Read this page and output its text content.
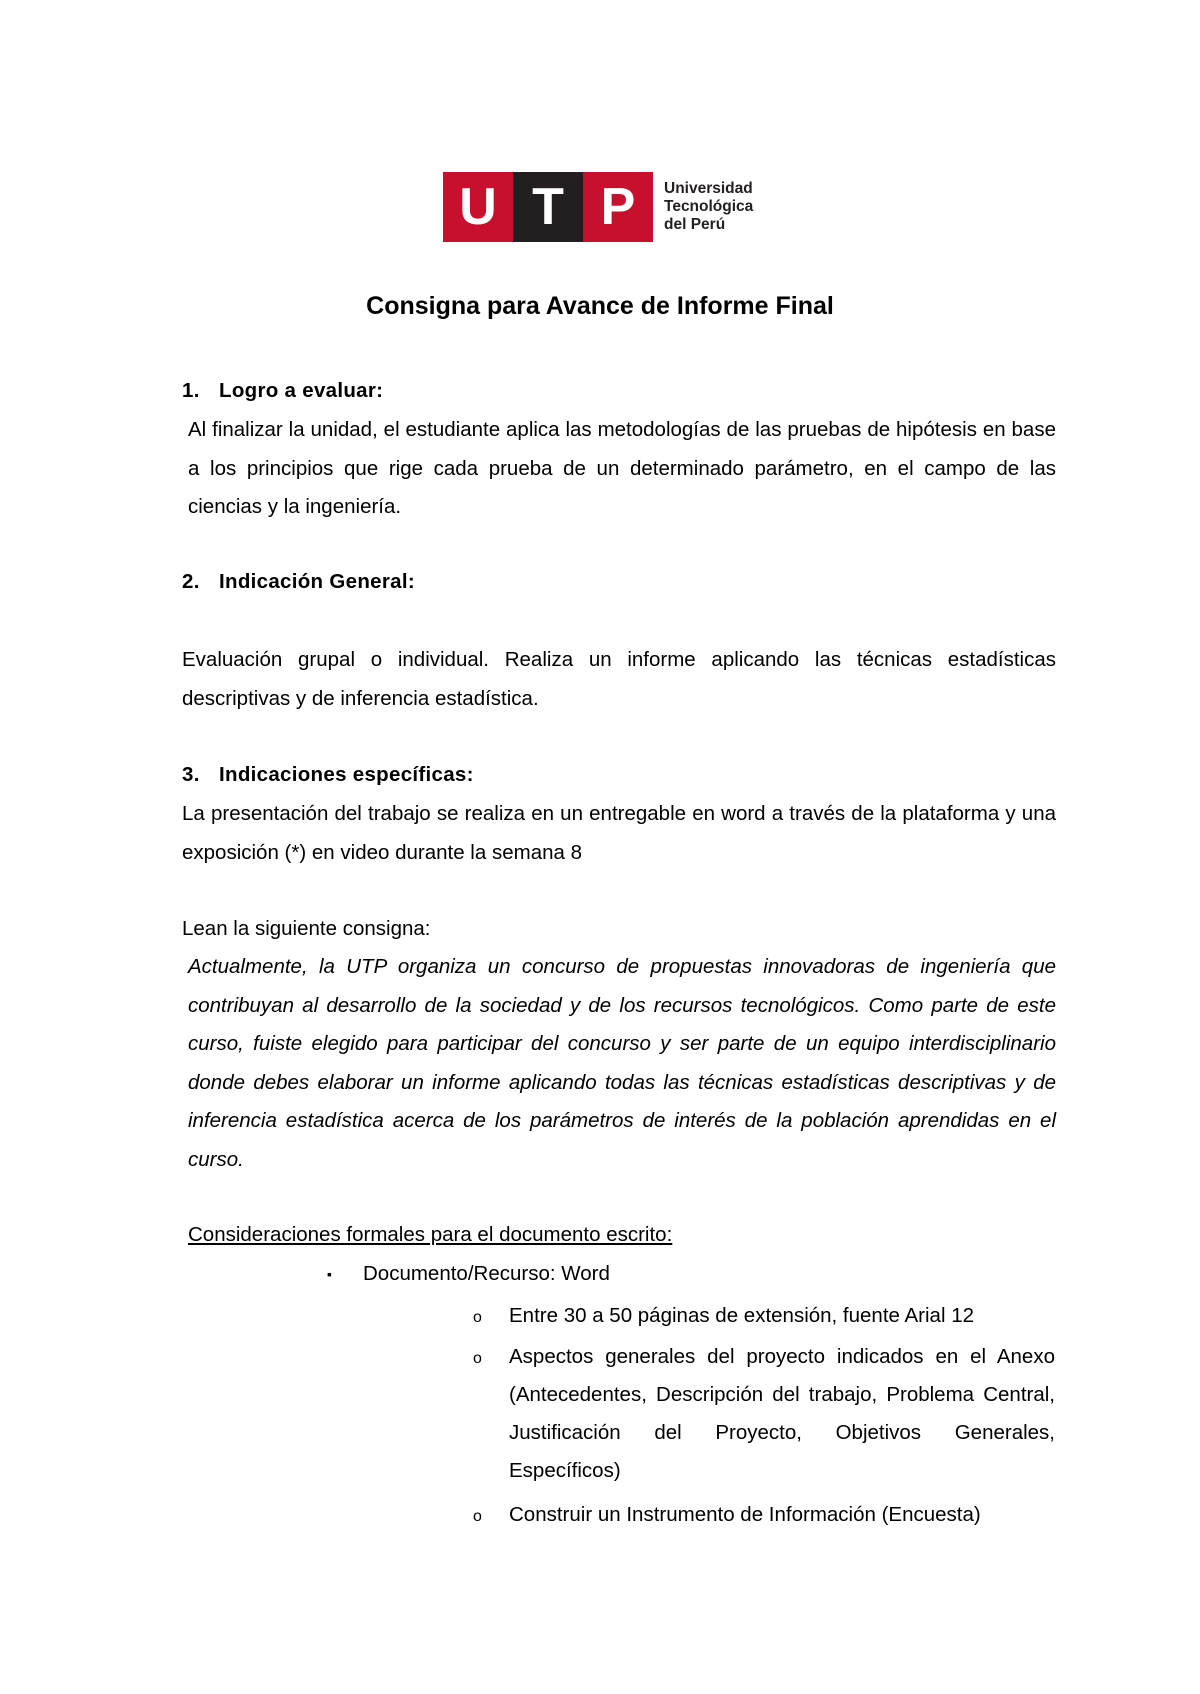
U T P	Universidad
Tecnológica
del Perú
Consigna para Avance de Informe Final
1. Logro a evaluar:
Al finalizar la unidad, el estudiante aplica las metodologías de las pruebas de hipótesis en base a los principios que rige cada prueba de un determinado parámetro, en el campo de las ciencias y la ingeniería.
2. Indicación General:
Evaluación grupal o individual. Realiza un informe aplicando las técnicas estadísticas descriptivas y de inferencia estadística.
3. Indicaciones específicas:
La presentación del trabajo se realiza en un entregable en word a través de la plataforma y una exposición (*) en video durante la semana 8
Lean la siguiente consigna:
Actualmente, la UTP organiza un concurso de propuestas innovadoras de ingeniería que contribuyan al desarrollo de la sociedad y de los recursos tecnológicos. Como parte de este curso, fuiste elegido para participar del concurso y ser parte de un equipo interdisciplinario donde debes elaborar un informe aplicando todas las técnicas estadísticas descriptivas y de inferencia estadística acerca de los parámetros de interés de la población aprendidas en el curso.
Consideraciones formales para el documento escrito:
▪ Documento/Recurso: Word
o Entre 30 a 50 páginas de extensión, fuente Arial 12
o Aspectos generales del proyecto indicados en el Anexo (Antecedentes, Descripción del trabajo, Problema Central, Justificación del Proyecto, Objetivos Generales, Específicos)
o Construir un Instrumento de Información (Encuesta)
